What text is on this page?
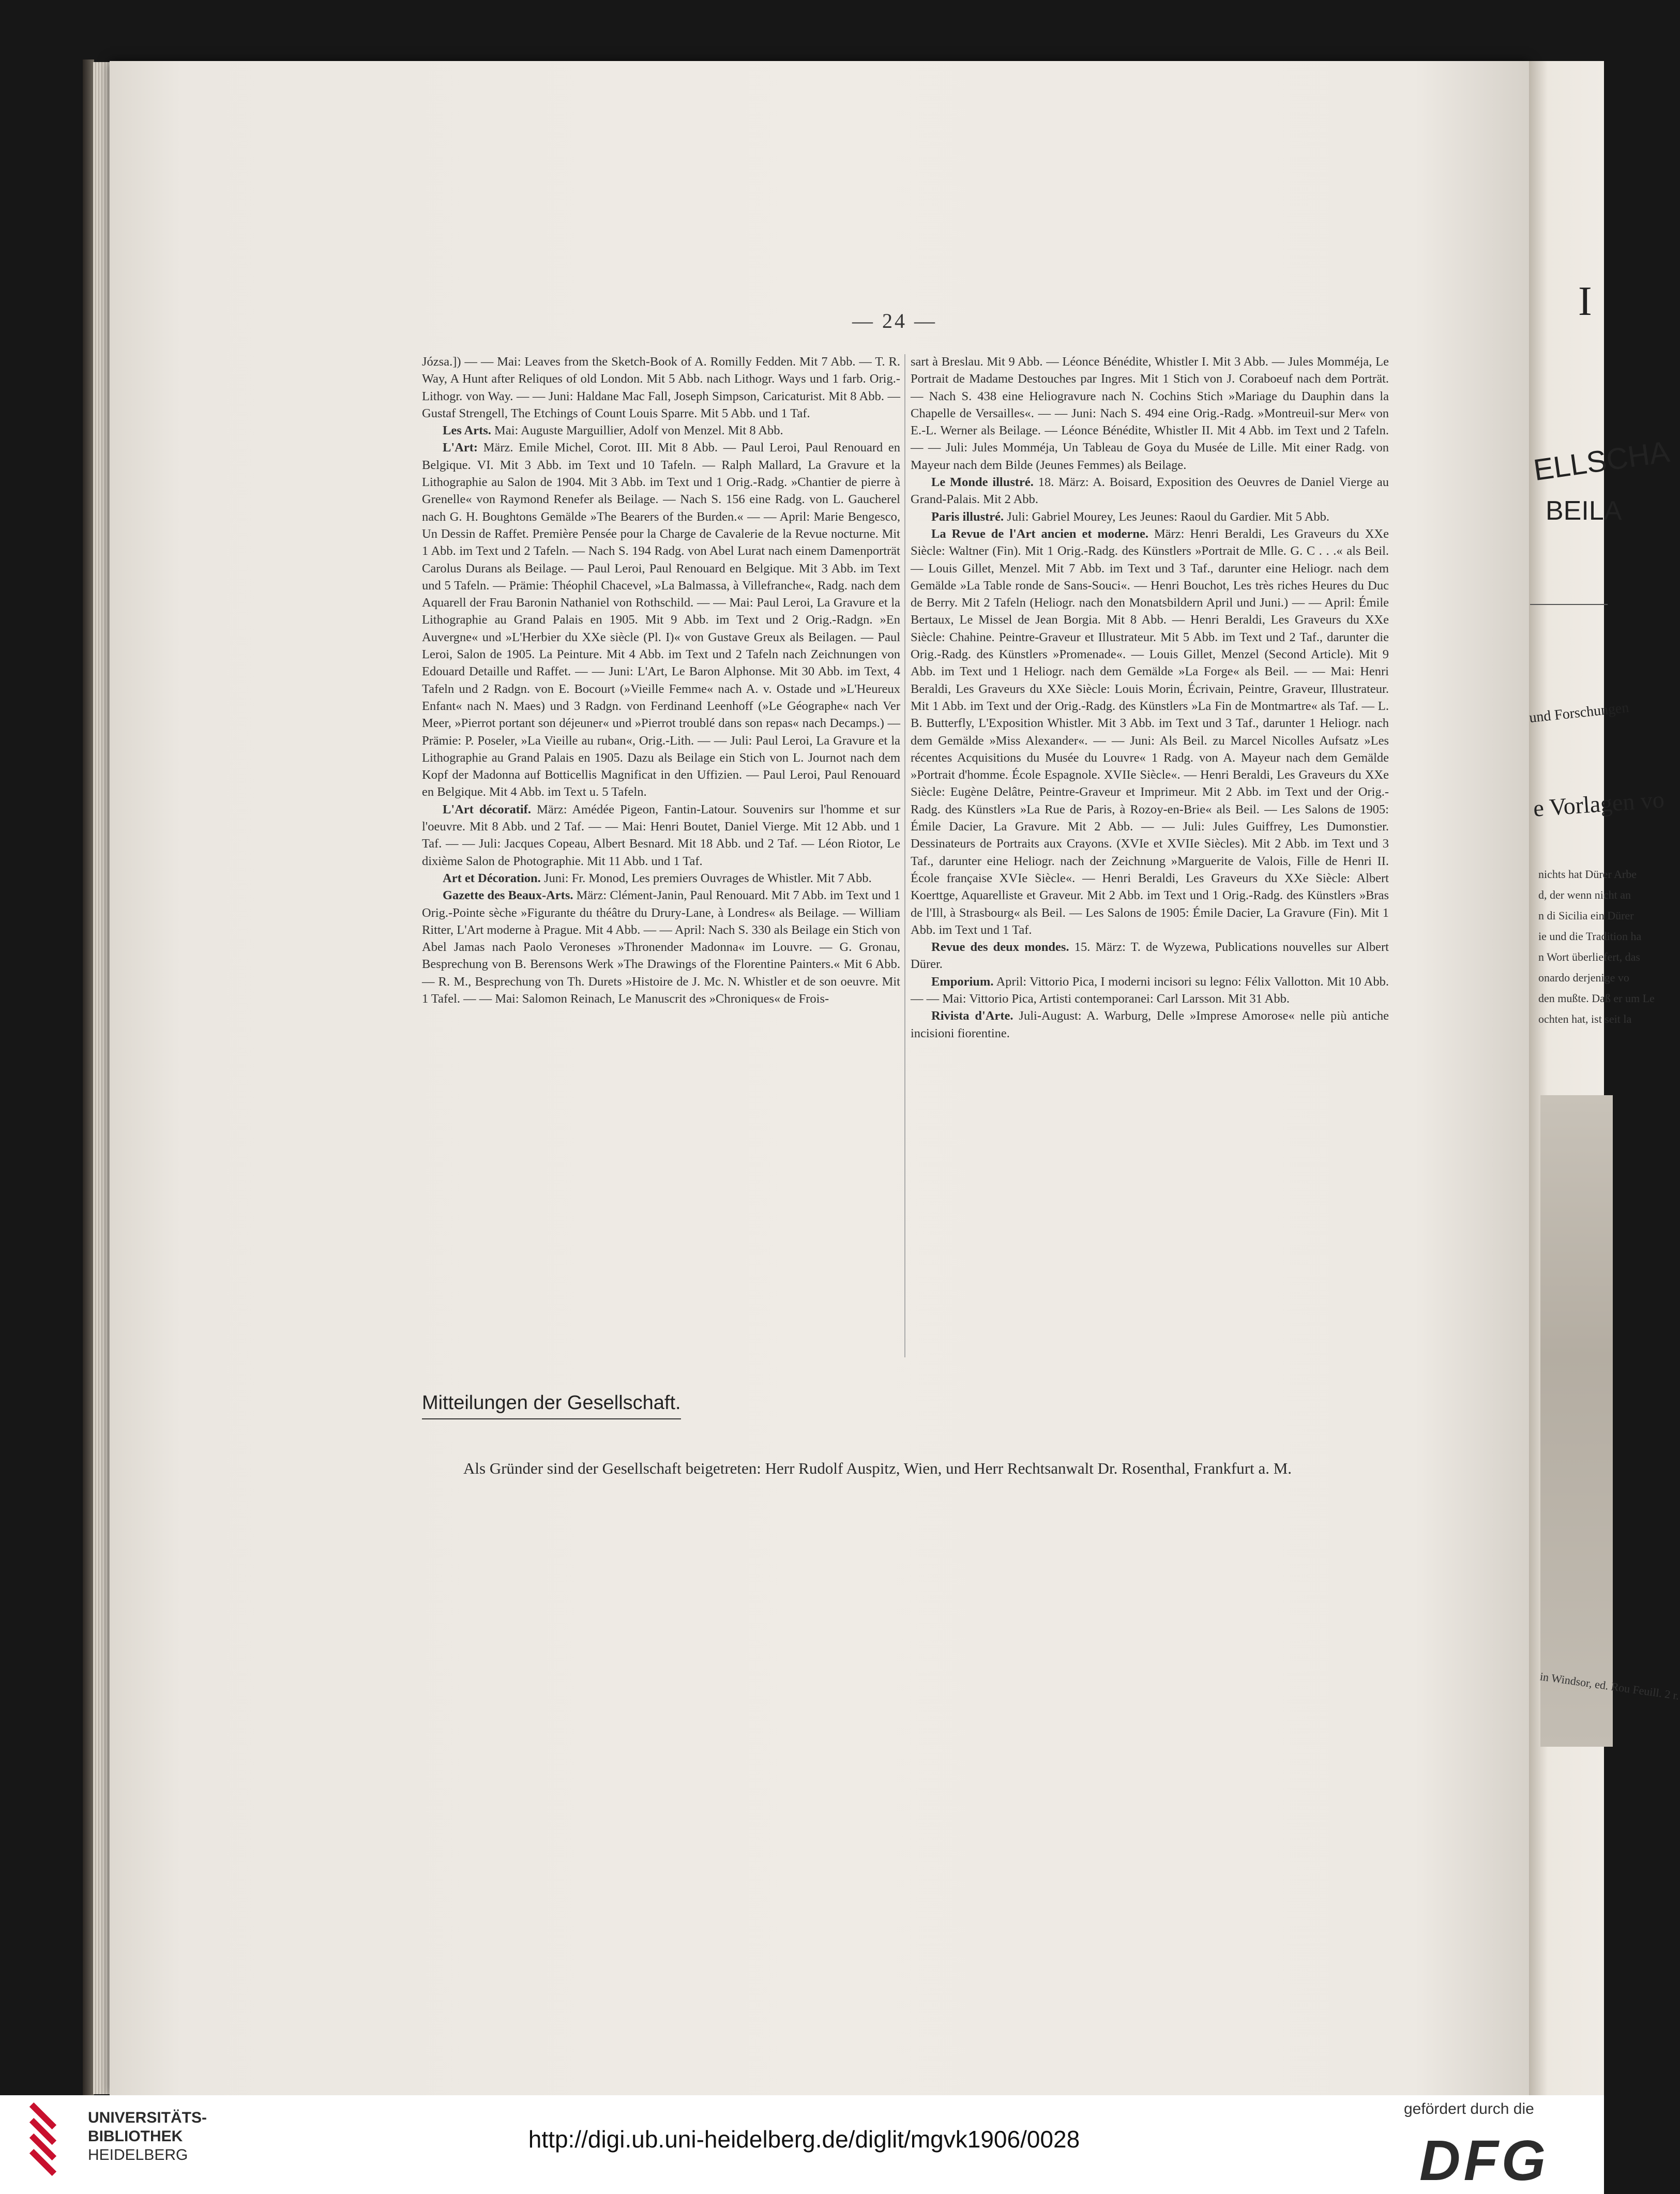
— 24 —

Józsa.]) — — Mai: Leaves from the Sketch-Book of A. Romilly Fedden. Mit 7 Abb. — T. R. Way, A Hunt after Reliques of old London. Mit 5 Abb. nach Lithogr. Ways und 1 farb. Orig.-Lithogr. von Way. — — Juni: Haldane Mac Fall, Joseph Simpson, Caricaturist. Mit 8 Abb. — Gustaf Strengell, The Etchings of Count Louis Sparre. Mit 5 Abb. und 1 Taf.

Les Arts. Mai: Auguste Marguillier, Adolf von Menzel. Mit 8 Abb.

L'Art: März. Emile Michel, Corot. III. Mit 8 Abb. — Paul Leroi, Paul Renouard en Belgique. VI. Mit 3 Abb. im Text und 10 Tafeln. — Ralph Mallard, La Gravure et la Lithographie au Salon de 1904. Mit 3 Abb. im Text und 1 Orig.-Radg. »Chantier de pierre à Grenelle« von Raymond Renefer als Beilage. — Nach S. 156 eine Radg. von L. Gaucherel nach G. H. Boughtons Gemälde »The Bearers of the Burden.« — — April: Marie Bengesco, Un Dessin de Raffet. Première Pensée pour la Charge de Cavalerie de la Revue nocturne. Mit 1 Abb. im Text und 2 Tafeln. — Nach S. 194 Radg. von Abel Lurat nach einem Damenporträt Carolus Durans als Beilage. — Paul Leroi, Paul Renouard en Belgique. Mit 3 Abb. im Text und 5 Tafeln. — Prämie: Théophil Chacevel, »La Balmassa, à Villefranche«, Radg. nach dem Aquarell der Frau Baronin Nathaniel von Rothschild. — — Mai: Paul Leroi, La Gravure et la Lithographie au Grand Palais en 1905. Mit 9 Abb. im Text und 2 Orig.-Radgn. »En Auvergne« und »L'Herbier du XXe siècle (Pl. I)« von Gustave Greux als Beilagen. — Paul Leroi, Salon de 1905. La Peinture. Mit 4 Abb. im Text und 2 Tafeln nach Zeichnungen von Edouard Detaille und Raffet. — — Juni: L'Art, Le Baron Alphonse. Mit 30 Abb. im Text, 4 Tafeln und 2 Radgn. von E. Bocourt (»Vieille Femme« nach A. v. Ostade und »L'Heureux Enfant« nach N. Maes) und 3 Radgn. von Ferdinand Leenhoff (»Le Géographe« nach Ver Meer, »Pierrot portant son déjeuner« und »Pierrot troublé dans son repas« nach Decamps.) — Prämie: P. Poseler, »La Vieille au ruban«, Orig.-Lith. — — Juli: Paul Leroi, La Gravure et la Lithographie au Grand Palais en 1905. Dazu als Beilage ein Stich von L. Journot nach dem Kopf der Madonna auf Botticellis Magnificat in den Uffizien. — Paul Leroi, Paul Renouard en Belgique. Mit 4 Abb. im Text u. 5 Tafeln.

L'Art décoratif. März: Amédée Pigeon, Fantin-Latour. Souvenirs sur l'homme et sur l'oeuvre. Mit 8 Abb. und 2 Taf. — — Mai: Henri Boutet, Daniel Vierge. Mit 12 Abb. und 1 Taf. — — Juli: Jacques Copeau, Albert Besnard. Mit 18 Abb. und 2 Taf. — Léon Riotor, Le dixième Salon de Photographie. Mit 11 Abb. und 1 Taf.

Art et Décoration. Juni: Fr. Monod, Les premiers Ouvrages de Whistler. Mit 7 Abb.

Gazette des Beaux-Arts. März: Clément-Janin, Paul Renouard. Mit 7 Abb. im Text und 1 Orig.-Pointe sèche »Figurante du théâtre du Drury-Lane, à Londres« als Beilage. — William Ritter, L'Art moderne à Prague. Mit 4 Abb. — — April: Nach S. 330 als Beilage ein Stich von Abel Jamas nach Paolo Veroneses »Thronender Madonna« im Louvre. — G. Gronau, Besprechung von B. Berensons Werk »The Drawings of the Florentine Painters.« Mit 6 Abb. — R. M., Besprechung von Th. Durets »Histoire de J. Mc. N. Whistler et de son oeuvre. Mit 1 Tafel. — — Mai: Salomon Reinach, Le Manuscrit des »Chroniques« de Frois-

sart à Breslau. Mit 9 Abb. — Léonce Bénédite, Whistler I. Mit 3 Abb. — Jules Momméja, Le Portrait de Madame Destouches par Ingres. Mit 1 Stich von J. Coraboeuf nach dem Porträt. — Nach S. 438 eine Heliogravure nach N. Cochins Stich »Mariage du Dauphin dans la Chapelle de Versailles«. — — Juni: Nach S. 494 eine Orig.-Radg. »Montreuil-sur Mer« von E.-L. Werner als Beilage. — Léonce Bénédite, Whistler II. Mit 4 Abb. im Text und 2 Tafeln. — — Juli: Jules Momméja, Un Tableau de Goya du Musée de Lille. Mit einer Radg. von Mayeur nach dem Bilde (Jeunes Femmes) als Beilage.

Le Monde illustré. 18. März: A. Boisard, Exposition des Oeuvres de Daniel Vierge au Grand-Palais. Mit 2 Abb.

Paris illustré. Juli: Gabriel Mourey, Les Jeunes: Raoul du Gardier. Mit 5 Abb.

La Revue de l'Art ancien et moderne. März: Henri Beraldi, Les Graveurs du XXe Siècle: Waltner (Fin). Mit 1 Orig.-Radg. des Künstlers »Portrait de Mlle. G. C . . .« als Beil. — Louis Gillet, Menzel. Mit 7 Abb. im Text und 3 Taf., darunter eine Heliogr. nach dem Gemälde »La Table ronde de Sans-Souci«. — Henri Bouchot, Les très riches Heures du Duc de Berry. Mit 2 Tafeln (Heliogr. nach den Monatsbildern April und Juni.) — — April: Émile Bertaux, Le Missel de Jean Borgia. Mit 8 Abb. — Henri Beraldi, Les Graveurs du XXe Siècle: Chahine. Peintre-Graveur et Illustrateur. Mit 5 Abb. im Text und 2 Taf., darunter die Orig.-Radg. des Künstlers »Promenade«. — Louis Gillet, Menzel (Second Article). Mit 9 Abb. im Text und 1 Heliogr. nach dem Gemälde »La Forge« als Beil. — — Mai: Henri Beraldi, Les Graveurs du XXe Siècle: Louis Morin, Écrivain, Peintre, Graveur, Illustrateur. Mit 1 Abb. im Text und der Orig.-Radg. des Künstlers »La Fin de Montmartre« als Taf. — L. B. Butterfly, L'Exposition Whistler. Mit 3 Abb. im Text und 3 Taf., darunter 1 Heliogr. nach dem Gemälde »Miss Alexander«. — — Juni: Als Beil. zu Marcel Nicolles Aufsatz »Les récentes Acquisitions du Musée du Louvre« 1 Radg. von A. Mayeur nach dem Gemälde »Portrait d'homme. École Espagnole. XVIIe Siècle«. — Henri Beraldi, Les Graveurs du XXe Siècle: Eugène Delâtre, Peintre-Graveur et Imprimeur. Mit 2 Abb. im Text und der Orig.-Radg. des Künstlers »La Rue de Paris, à Rozoy-en-Brie« als Beil. — Les Salons de 1905: Émile Dacier, La Gravure. Mit 2 Abb. — — Juli: Jules Guiffrey, Les Dumonstier. Dessinateurs de Portraits aux Crayons. (XVIe et XVIIe Siècles). Mit 2 Abb. im Text und 3 Taf., darunter eine Heliogr. nach der Zeichnung »Marguerite de Valois, Fille de Henri II. École française XVIe Siècle«. — Henri Beraldi, Les Graveurs du XXe Siècle: Albert Koerttge, Aquarelliste et Graveur. Mit 2 Abb. im Text und 1 Orig.-Radg. des Künstlers »Bras de l'Ill, à Strasbourg« als Beil. — Les Salons de 1905: Émile Dacier, La Gravure (Fin). Mit 1 Abb. im Text und 1 Taf.

Revue des deux mondes. 15. März: T. de Wyzewa, Publications nouvelles sur Albert Dürer.

Emporium. April: Vittorio Pica, I moderni incisori su legno: Félix Vallotton. Mit 10 Abb. — — Mai: Vittorio Pica, Artisti contemporanei: Carl Larsson. Mit 31 Abb.

Rivista d'Arte. Juli-August: A. Warburg, Delle »Imprese Amorose« nelle più antiche incisioni fiorentine.

Mitteilungen der Gesellschaft.
Als Gründer sind der Gesellschaft beigetreten: Herr Rudolf Auspitz, Wien, und Herr Rechtsanwalt Dr. Rosenthal, Frankfurt a. M.
I
ELLSCHA
BEILA
und Forschungen
e Vorlagen vo
nichts hat Dürer Arbe
d, der wenn nicht an
n di Sicilia ein Dürer
ie und die Tradition ha
n Wort überliefert, das
onardo derjenige vo
den mußte. Daß er um Le
ochten hat, ist seit la
in Windsor, ed. Rou Feuill. 2 r.
UNIVERSITÄTS-
BIBLIOTHEK
HEIDELBERG
http://digi.ub.uni-heidelberg.de/diglit/mgvk1906/0028
gefördert durch die
DFG
